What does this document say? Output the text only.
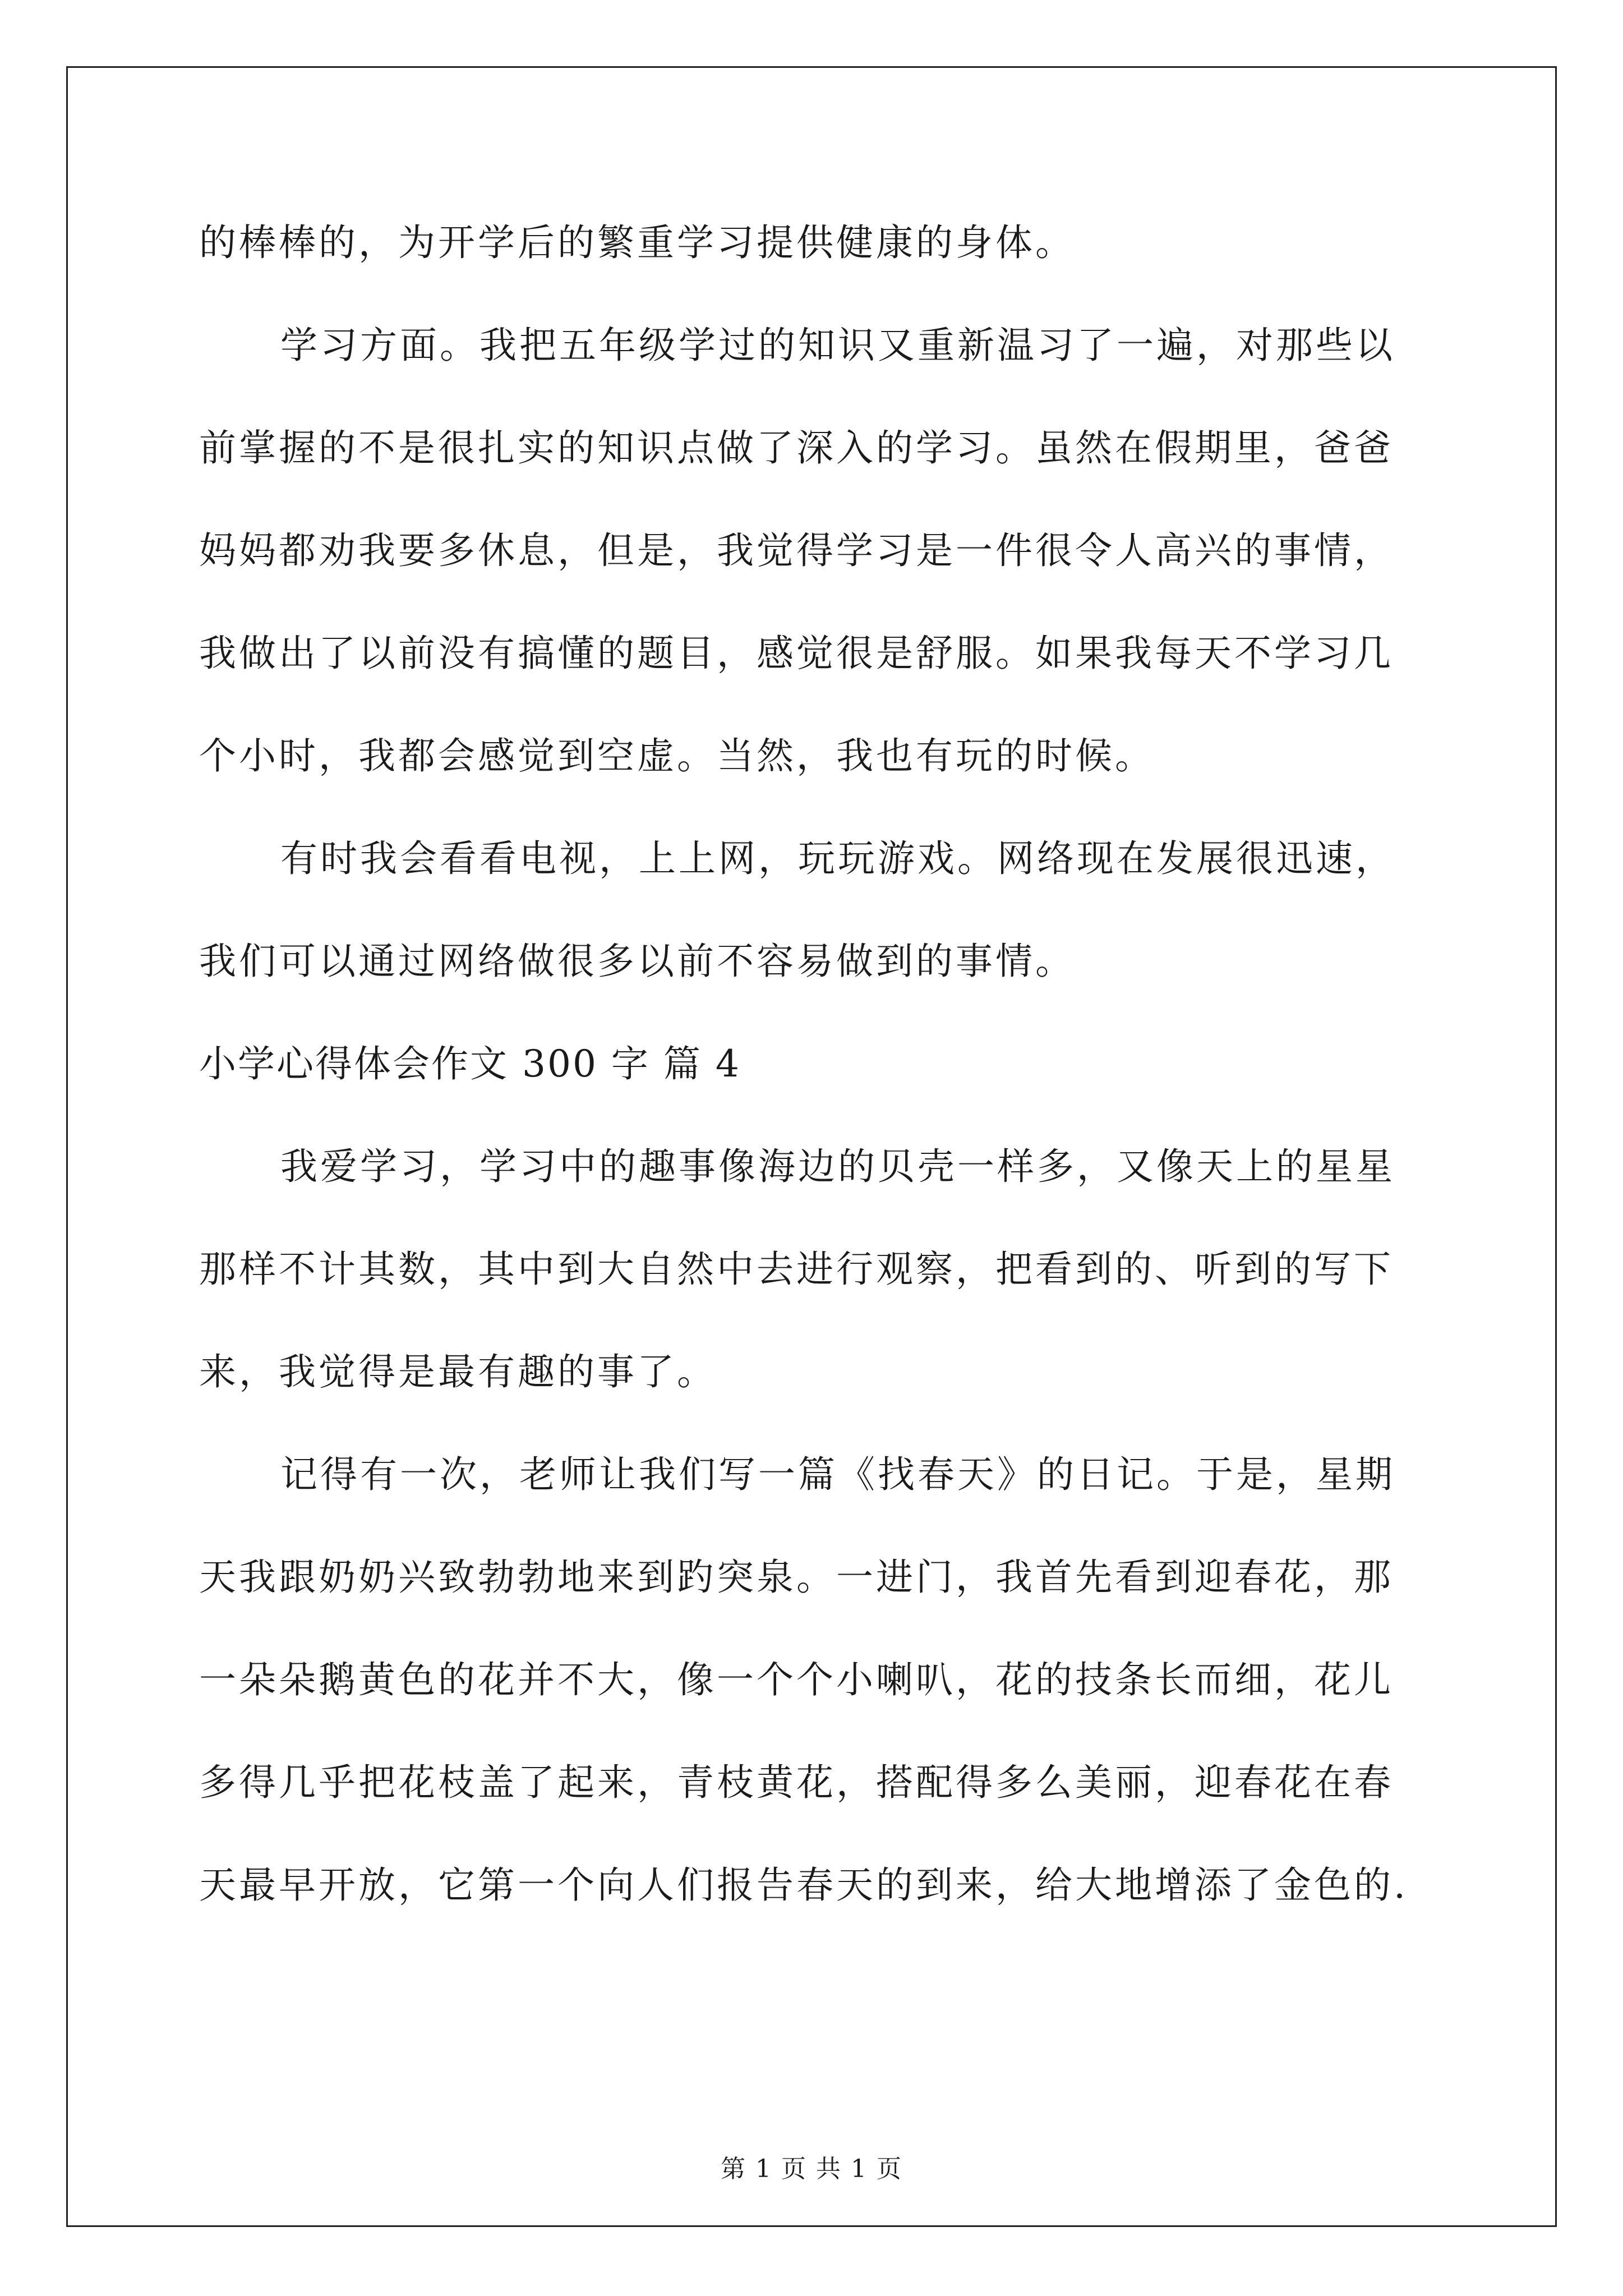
的棒棒的，为开学后的繁重学习提供健康的身体。
学习方面。我把五年级学过的知识又重新温习了一遍，对那些以
前掌握的不是很扎实的知识点做了深入的学习。虽然在假期里，爸爸
妈妈都劝我要多休息，但是，我觉得学习是一件很令人高兴的事情，
我做出了以前没有搞懂的题目，感觉很是舒服。如果我每天不学习几
个小时，我都会感觉到空虚。当然，我也有玩的时候。
有时我会看看电视，上上网，玩玩游戏。网络现在发展很迅速，
我们可以通过网络做很多以前不容易做到的事情。
小学心得体会作文 300 字 篇 4
我爱学习，学习中的趣事像海边的贝壳一样多，又像天上的星星
那样不计其数，其中到大自然中去进行观察，把看到的、听到的写下
来，我觉得是最有趣的事了。
记得有一次，老师让我们写一篇《找春天》的日记。于是，星期
天我跟奶奶兴致勃勃地来到趵突泉。一进门，我首先看到迎春花，那
一朵朵鹅黄色的花并不大，像一个个小喇叭，花的技条长而细，花儿
多得几乎把花枝盖了起来，青枝黄花，搭配得多么美丽，迎春花在春
天最早开放，它第一个向人们报告春天的到来，给大地增添了金色的.
第 1 页 共 1 页
